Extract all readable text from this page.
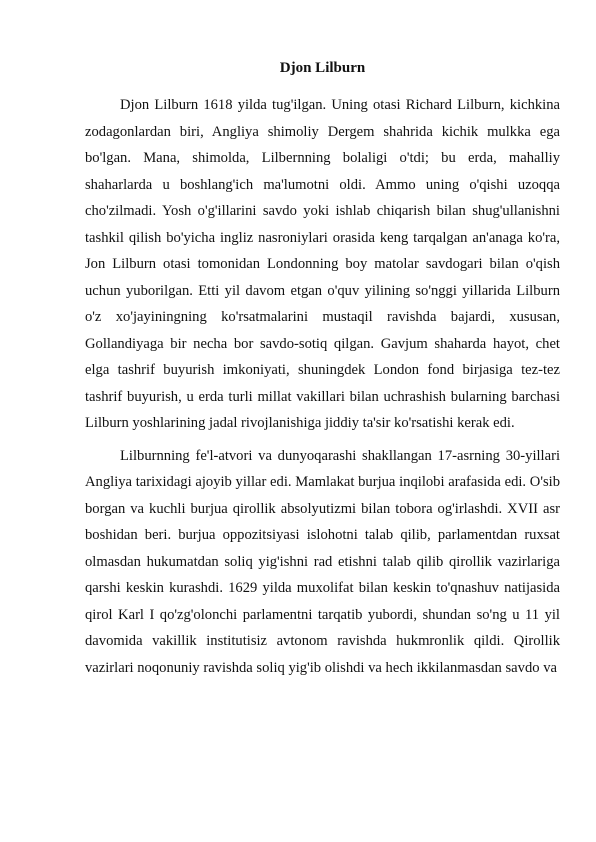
Djon Lilburn

Djon Lilburn 1618 yilda tug'ilgan. Uning otasi Richard Lilburn, kichkina zodagonlardan biri, Angliya shimoliy Dergem shahrida kichik mulkka ega bo'lgan. Mana, shimolda, Lilbernning bolaligi o'tdi; bu erda, mahalliy shaharlarda u boshlang'ich ma'lumotni oldi. Ammo uning o'qishi uzoqqa cho'zilmadi. Yosh o'g'illarini savdo yoki ishlab chiqarish bilan shug'ullanishni tashkil qilish bo'yicha ingliz nasroniylari orasida keng tarqalgan an'anaga ko'ra, Jon Lilburn otasi tomonidan Londonning boy matolar savdogari bilan o'qish uchun yuborilgan. Etti yil davom etgan o'quv yilining so'nggi yillarida Lilburn o'z xo'jayiningning ko'rsatmalarini mustaqil ravishda bajardi, xususan, Gollandiyaga bir necha bor savdo-sotiq qilgan. Gavjum shaharda hayot, chet elga tashrif buyurish imkoniyati, shuningdek London fond birjasiga tez-tez tashrif buyurish, u erda turli millat vakillari bilan uchrashish bularning barchasi Lilburn yoshlarining jadal rivojlanishiga jiddiy ta'sir ko'rsatishi kerak edi.

Lilburnning fe'l-atvori va dunyoqarashi shakllangan 17-asrning 30-yillari Angliya tarixidagi ajoyib yillar edi. Mamlakat burjua inqilobi arafasida edi. O'sib borgan va kuchli burjua qirollik absolyutizmi bilan tobora og'irlashdi. XVII asr boshidan beri. burjua oppozitsiyasi islohotni talab qilib, parlamentdan ruxsat olmasdan hukumatdan soliq yig'ishni rad etishni talab qilib qirollik vazirlariga qarshi keskin kurashdi. 1629 yilda muxolifat bilan keskin to'qnashuv natijasida qirol Karl I qo'zg'olonchi parlamentni tarqatib yubordi, shundan so'ng u 11 yil davomida vakillik institutisiz avtonom ravishda hukmronlik qildi. Qirollik vazirlari noqonuniy ravishda soliq yig'ib olishdi va hech ikkilanmasdan savdo va
